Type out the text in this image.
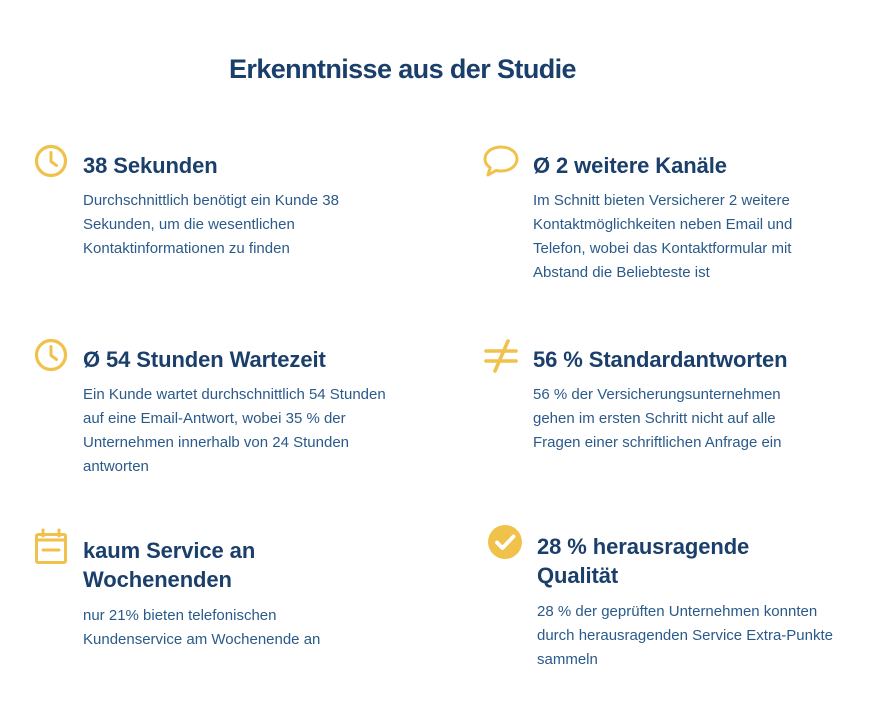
Erkenntnisse aus der Studie
38 Sekunden

Durchschnittlich benötigt ein Kunde 38 Sekunden, um die wesentlichen Kontaktinformationen zu finden

Ø 2 weitere Kanäle

Im Schnitt bieten Versicherer 2 weitere Kontaktmöglichkeiten neben Email und Telefon, wobei das Kontaktformular mit Abstand die Beliebteste ist

Ø 54 Stunden Wartezeit

Ein Kunde wartet durchschnittlich 54 Stunden auf eine Email-Antwort, wobei 35 % der Unternehmen innerhalb von 24 Stunden antworten

56 % Standardantworten

56 % der Versicherungsunternehmen gehen im ersten Schritt nicht auf alle Fragen einer schriftlichen Anfrage ein

kaum Service an Wochenenden

nur 21% bieten telefonischen Kundenservice am Wochenende an

28 % herausragende Qualität

28 % der geprüften Unternehmen konnten durch herausragenden Service Extra-Punkte sammeln
